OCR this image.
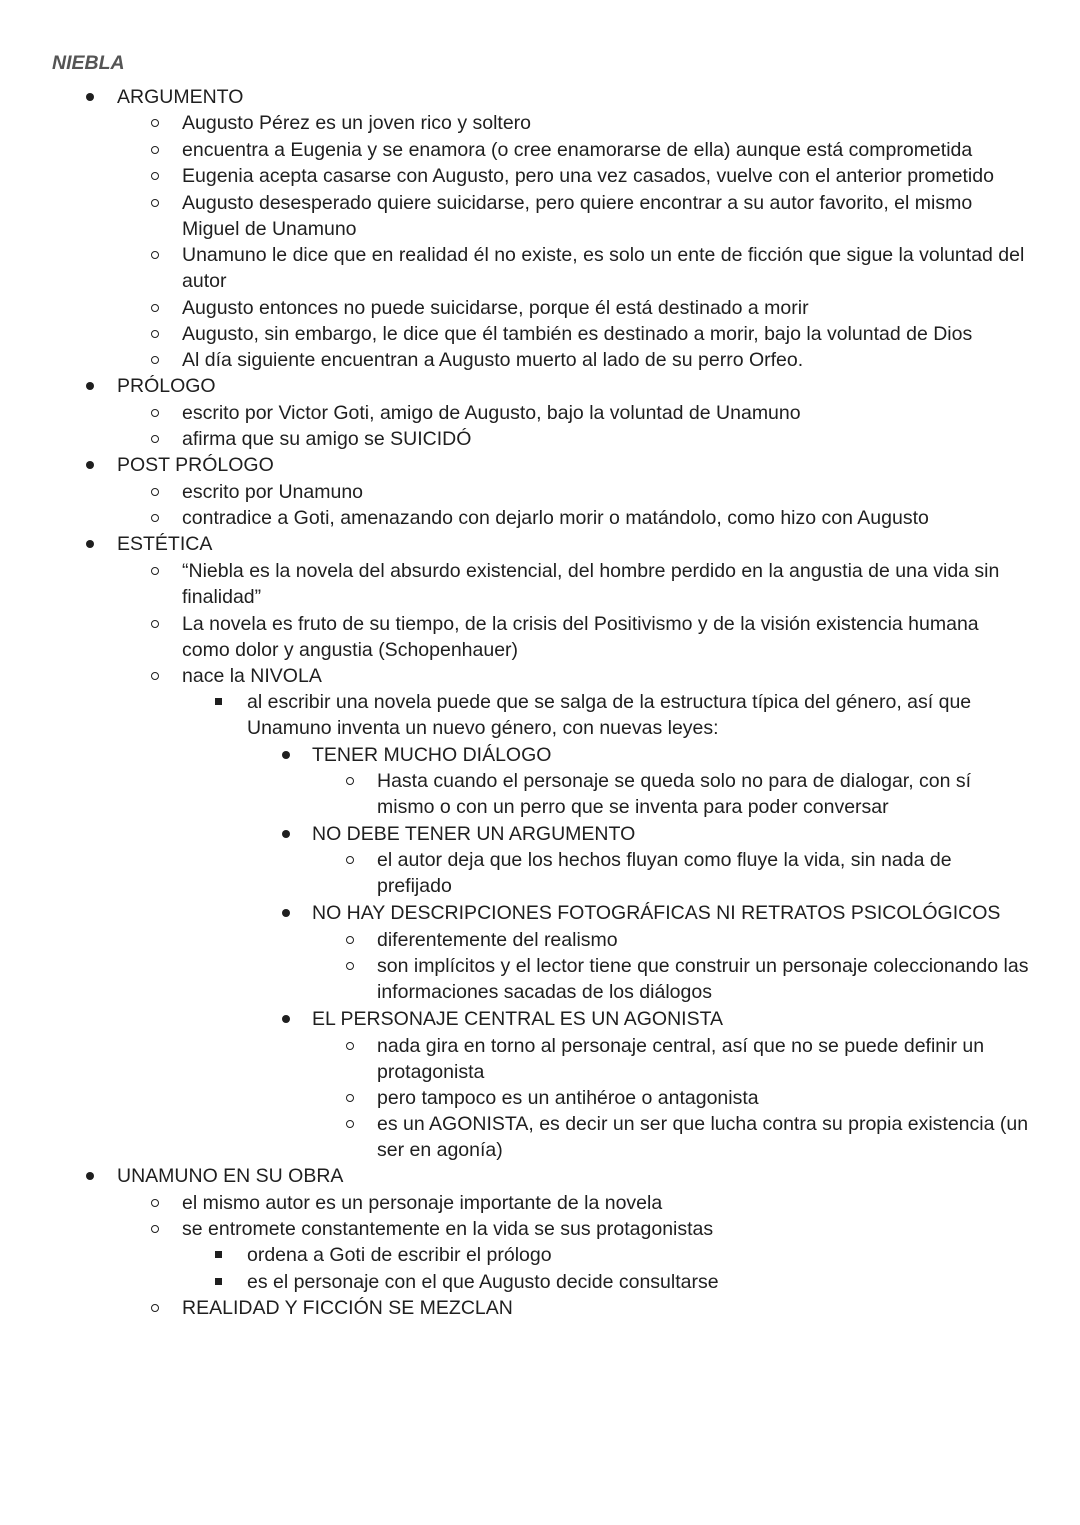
NIEBLA
ARGUMENTO
Augusto Pérez es un joven rico y soltero
encuentra a Eugenia y se enamora (o cree enamorarse de ella) aunque está comprometida
Eugenia acepta casarse con Augusto, pero una vez casados, vuelve con el anterior prometido
Augusto desesperado quiere suicidarse, pero quiere encontrar a su autor favorito, el mismo Miguel de Unamuno
Unamuno le dice que en realidad él no existe, es solo un ente de ficción que sigue la voluntad del autor
Augusto entonces no puede suicidarse, porque él está destinado a morir
Augusto, sin embargo, le dice que él también es destinado a morir, bajo la voluntad de Dios
Al día siguiente encuentran a Augusto muerto al lado de su perro Orfeo.
PRÓLOGO
escrito por Victor Goti, amigo de Augusto, bajo la voluntad de Unamuno
afirma que su amigo se SUICIDÓ
POST PRÓLOGO
escrito por Unamuno
contradice a Goti, amenazando con dejarlo morir o matándolo, como hizo con Augusto
ESTÉTICA
“Niebla es la novela del absurdo existencial, del hombre perdido en la angustia de una vida sin finalidad”
La novela es fruto de su tiempo, de la crisis del Positivismo y de la visión existencia humana como dolor y angustia (Schopenhauer)
nace la NIVOLA
al escribir una novela puede que se salga de la estructura típica del género, así que Unamuno inventa un nuevo género, con nuevas leyes:
TENER MUCHO DIÁLOGO
Hasta cuando el personaje se queda solo no para de dialogar, con sí mismo o con un perro que se inventa para poder conversar
NO DEBE TENER UN ARGUMENTO
el autor deja que los hechos fluyan como fluye la vida, sin nada de prefijado
NO HAY DESCRIPCIONES FOTOGRÁFICAS NI RETRATOS PSICOLÓGICOS
diferentemente del realismo
son implícitos y el lector tiene que construir un personaje coleccionando las informaciones sacadas de los diálogos
EL PERSONAJE CENTRAL ES UN AGONISTA
nada gira en torno al personaje central, así que no se puede definir un protagonista
pero tampoco es un antihéroe o antagonista
es un AGONISTA, es decir un ser que lucha contra su propia existencia (un ser en agonía)
UNAMUNO EN SU OBRA
el mismo autor es un personaje importante de la novela
se entromete constantemente en la vida se sus protagonistas
ordena a Goti de escribir el prólogo
es el personaje con el que Augusto decide consultarse
REALIDAD Y FICCIÓN SE MEZCLAN
